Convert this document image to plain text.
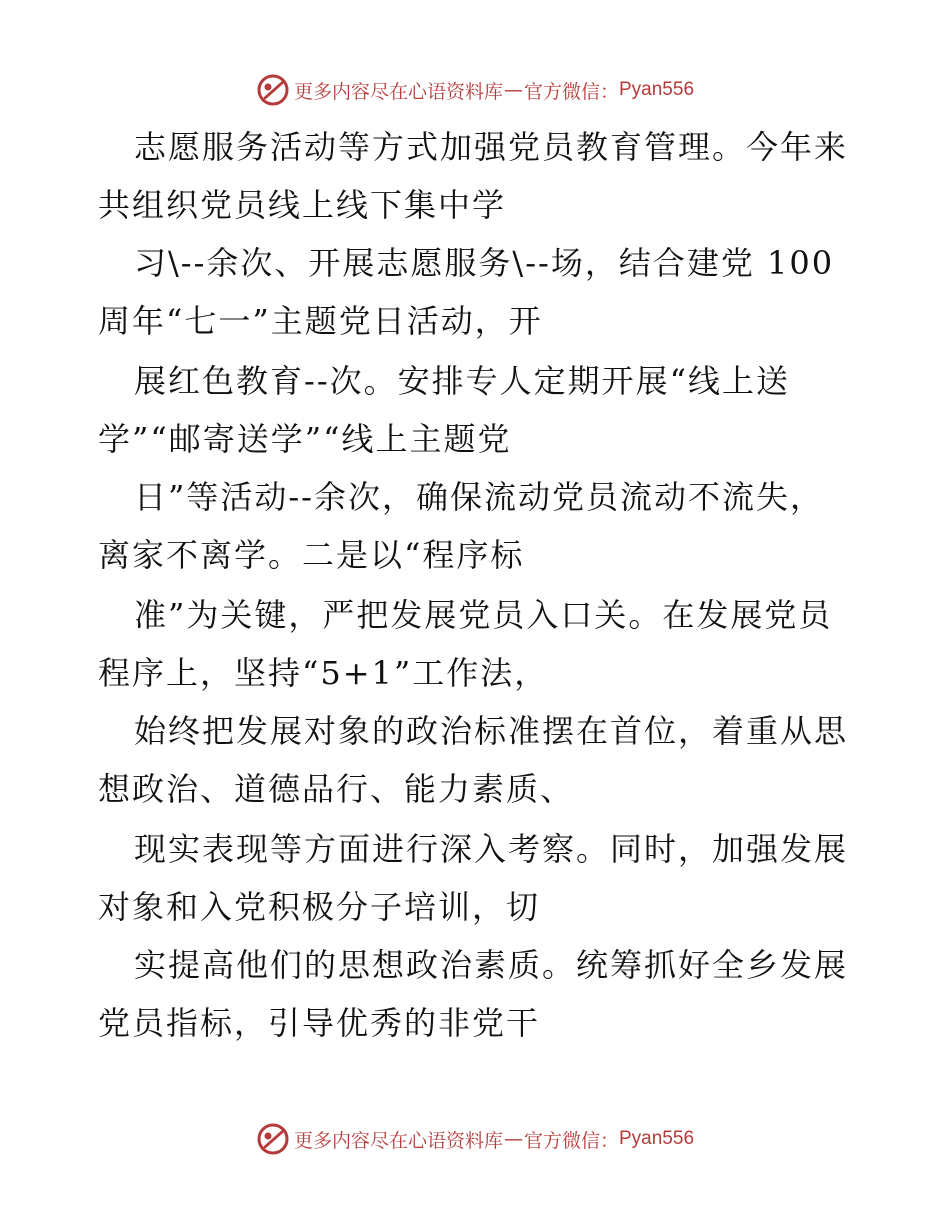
更多内容尽在心语资料库 — 官方微信： Pyan556
志愿服务活动等方式加强党员教育管理。今年来
共组织党员线上线下集中学
习\--余次、开展志愿服务\--场，结合建党 100
周年“七一”主题党日活动，开
展红色教育--次。安排专人定期开展“线上送
学”“邮寄送学”“线上主题党
日”等活动--余次，确保流动党员流动不流失，
离家不离学。二是以“程序标
准”为关键，严把发展党员入口关。在发展党员
程序上，坚持“5+1”工作法，
始终把发展对象的政治标准摆在首位，着重从思
想政治、道德品行、能力素质、
现实表现等方面进行深入考察。同时，加强发展
对象和入党积极分子培训，切
实提高他们的思想政治素质。统筹抓好全乡发展
党员指标，引导优秀的非党干
更多内容尽在心语资料库 — 官方微信： Pyan556
